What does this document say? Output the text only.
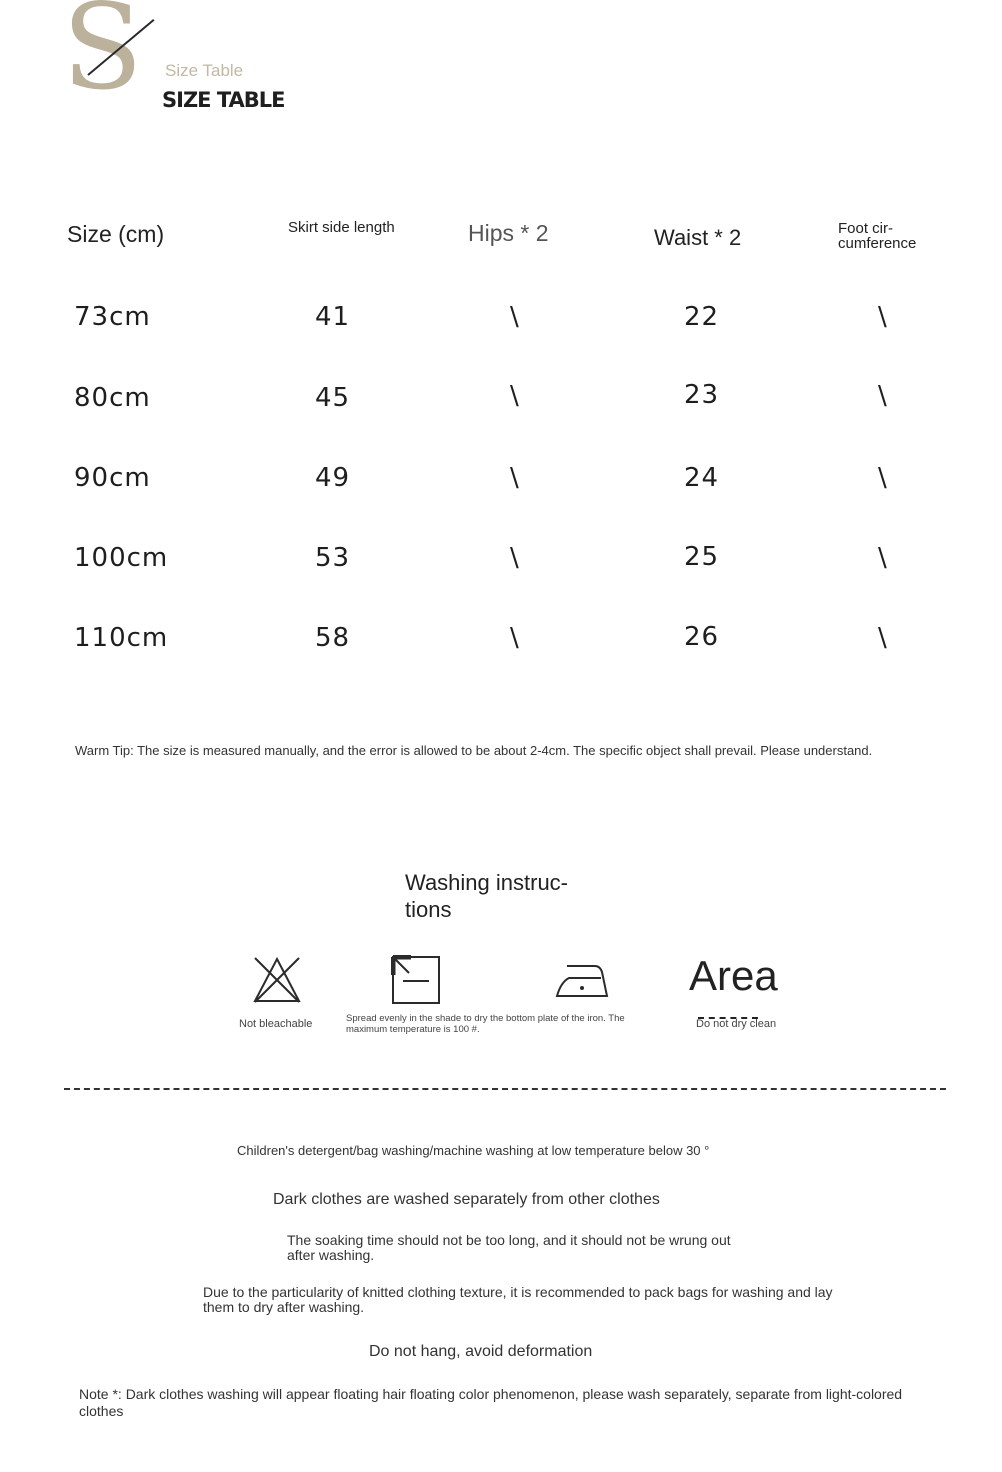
S Size Table
SIZE TABLE
Size (cm)	Skirt side length	Hips * 2	Waist * 2	Foot cir-cumference
73cm	41	\	22	\
80cm	45	\	23	\
90cm	49	\	24	\
100cm	53	\	25	\
110cm	58	\	26	\
Warm Tip: The size is measured manually, and the error is allowed to be about 2-4cm. The specific object shall prevail. Please understand.
Washing instruc-tions
Not bleachable	Spread evenly in the shade to dry the bottom plate of the iron. The maximum temperature is 100 #.
Area
Do not dry clean
Children's detergent/bag washing/machine washing at low temperature below 30 °
Dark clothes are washed separately from other clothes
The soaking time should not be too long, and it should not be wrung out after washing.
Due to the particularity of knitted clothing texture, it is recommended to pack bags for washing and lay them to dry after washing.
Do not hang, avoid deformation
Note *: Dark clothes washing will appear floating hair floating color phenomenon, please wash separately, separate from light-colored clothes
